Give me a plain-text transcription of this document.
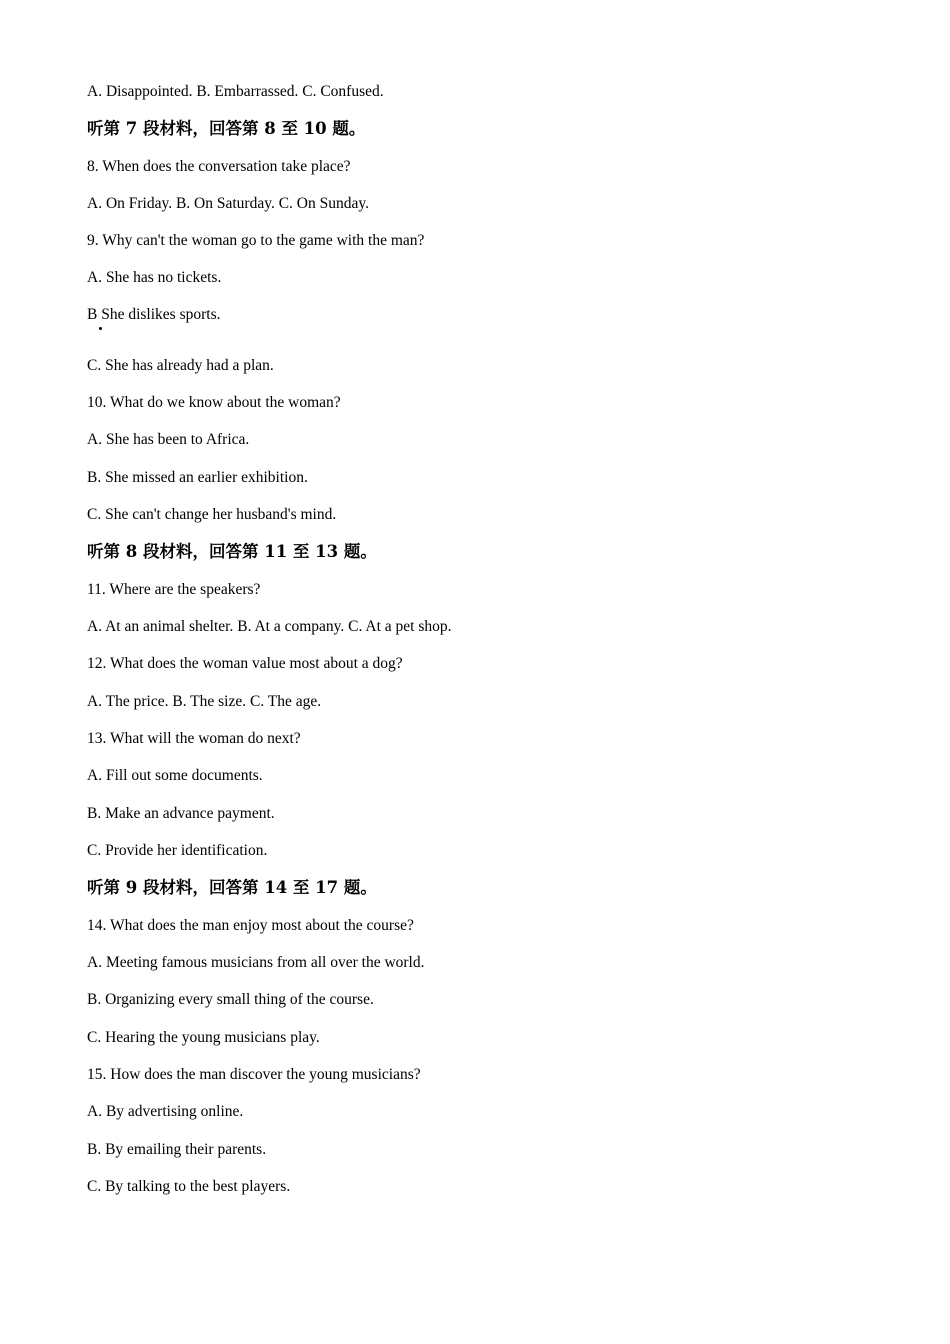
A. Disappointed. B. Embarrassed. C. Confused.
听第 7 段材料，回答第 8 至 10 题。
8. When does the conversation take place?
A. On Friday. B. On Saturday. C. On Sunday.
9. Why can't the woman go to the game with the man?
A. She has no tickets.
B She dislikes sports.
C. She has already had a plan.
10. What do we know about the woman?
A. She has been to Africa.
B. She missed an earlier exhibition.
C. She can't change her husband's mind.
听第 8 段材料，回答第 11 至 13 题。
11. Where are the speakers?
A. At an animal shelter. B. At a company. C. At a pet shop.
12. What does the woman value most about a dog?
A. The price. B. The size. C. The age.
13. What will the woman do next?
A. Fill out some documents.
B. Make an advance payment.
C. Provide her identification.
听第 9 段材料，回答第 14 至 17 题。
14. What does the man enjoy most about the course?
A. Meeting famous musicians from all over the world.
B. Organizing every small thing of the course.
C. Hearing the young musicians play.
15. How does the man discover the young musicians?
A. By advertising online.
B. By emailing their parents.
C. By talking to the best players.
